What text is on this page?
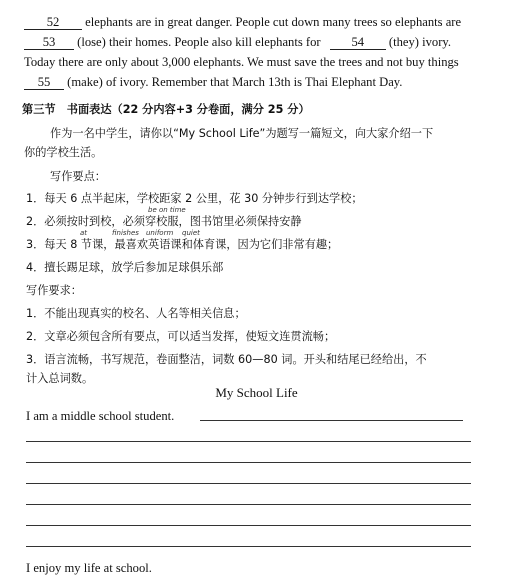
52 elephants are in great danger. People cut down many trees so elephants are
53 (lose) their homes. People also kill elephants for 54 (they) ivory.
Today there are only about 3,000 elephants. We must save the trees and not buy things
55 (make) of ivory. Remember that March 13th is Thai Elephant Day.
第三节　书面表达（22 分内容+3 分卷面，满分 25 分）
作为一名中学生，请你以“My School Life”为题写一篇短文，向大家介绍一下
你的学校生活。
写作要点：
1．每天 6 点半起床，学校距家 2 公里，花 30 分钟步行到达学校；
2．必须按时到校，必须穿校服，图书馆里必须保持安静
3．每天 8 节课，最喜欢英语课和体育课，因为它们非常有趣；
4．擅长踢足球，放学后参加足球俱乐部
be on time
finishes uniform quiet
at
写作要求：
1．不能出现真实的校名、人名等相关信息；
2．文章必须包含所有要点，可以适当发挥，使短文连贯流畅；
3．语言流畅，书写规范，卷面整洁，词数 60—80 词。开头和结尾已经给出，不
计入总词数。
My School Life
I am a middle school student.
I enjoy my life at school.
